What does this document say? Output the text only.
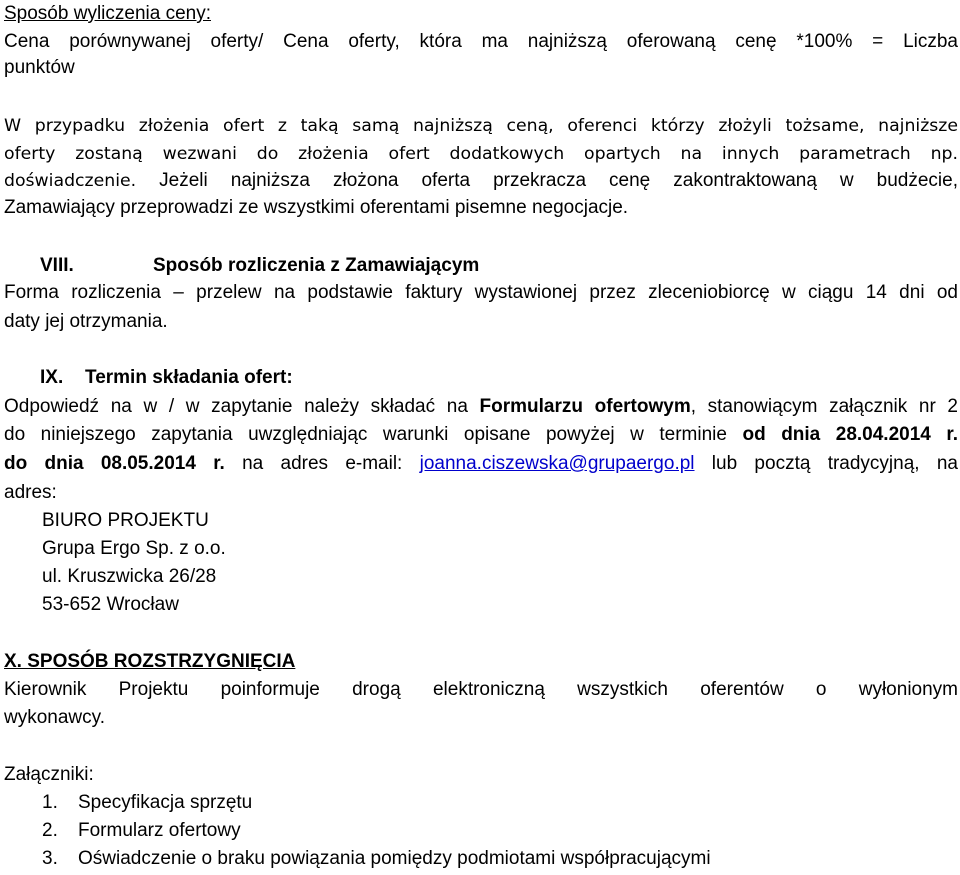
Sposób wyliczenia ceny:
Cena porównywanej oferty/ Cena oferty, która ma najniższą oferowaną cenę *100% = Liczba
punktów
W przypadku złożenia ofert z taką samą najniższą ceną, oferenci którzy złożyli tożsame, najniższe
oferty zostaną wezwani do złożenia ofert dodatkowych opartych na innych parametrach np.
doświadczenie. Jeżeli najniższa złożona oferta przekracza cenę zakontraktowaną w budżecie,
Zamawiający przeprowadzi ze wszystkimi oferentami pisemne negocjacje.
VIII.	Sposób rozliczenia z Zamawiającym
Forma rozliczenia – przelew na podstawie faktury wystawionej przez zleceniobiorcę w ciągu 14 dni od
daty jej otrzymania.
IX. Termin składania ofert:
Odpowiedź na w / w zapytanie należy składać na Formularzu ofertowym, stanowiącym załącznik nr 2
do niniejszego zapytania uwzględniając warunki opisane powyżej w terminie od dnia 28.04.2014 r.
do dnia 08.05.2014 r. na adres e-mail: joanna.ciszewska@grupaergo.pl lub pocztą tradycyjną, na
adres:
BIURO PROJEKTU
Grupa Ergo Sp. z o.o.
ul. Kruszwicka 26/28
53-652 Wrocław
X. SPOSÓB ROZSTRZYGNIĘCIA
Kierownik Projektu poinformuje drogą elektroniczną wszystkich oferentów o wyłonionym
wykonawcy.
Załączniki:
1. Specyfikacja sprzętu
2. Formularz ofertowy
3. Oświadczenie o braku powiązania pomiędzy podmiotami współpracującymi
